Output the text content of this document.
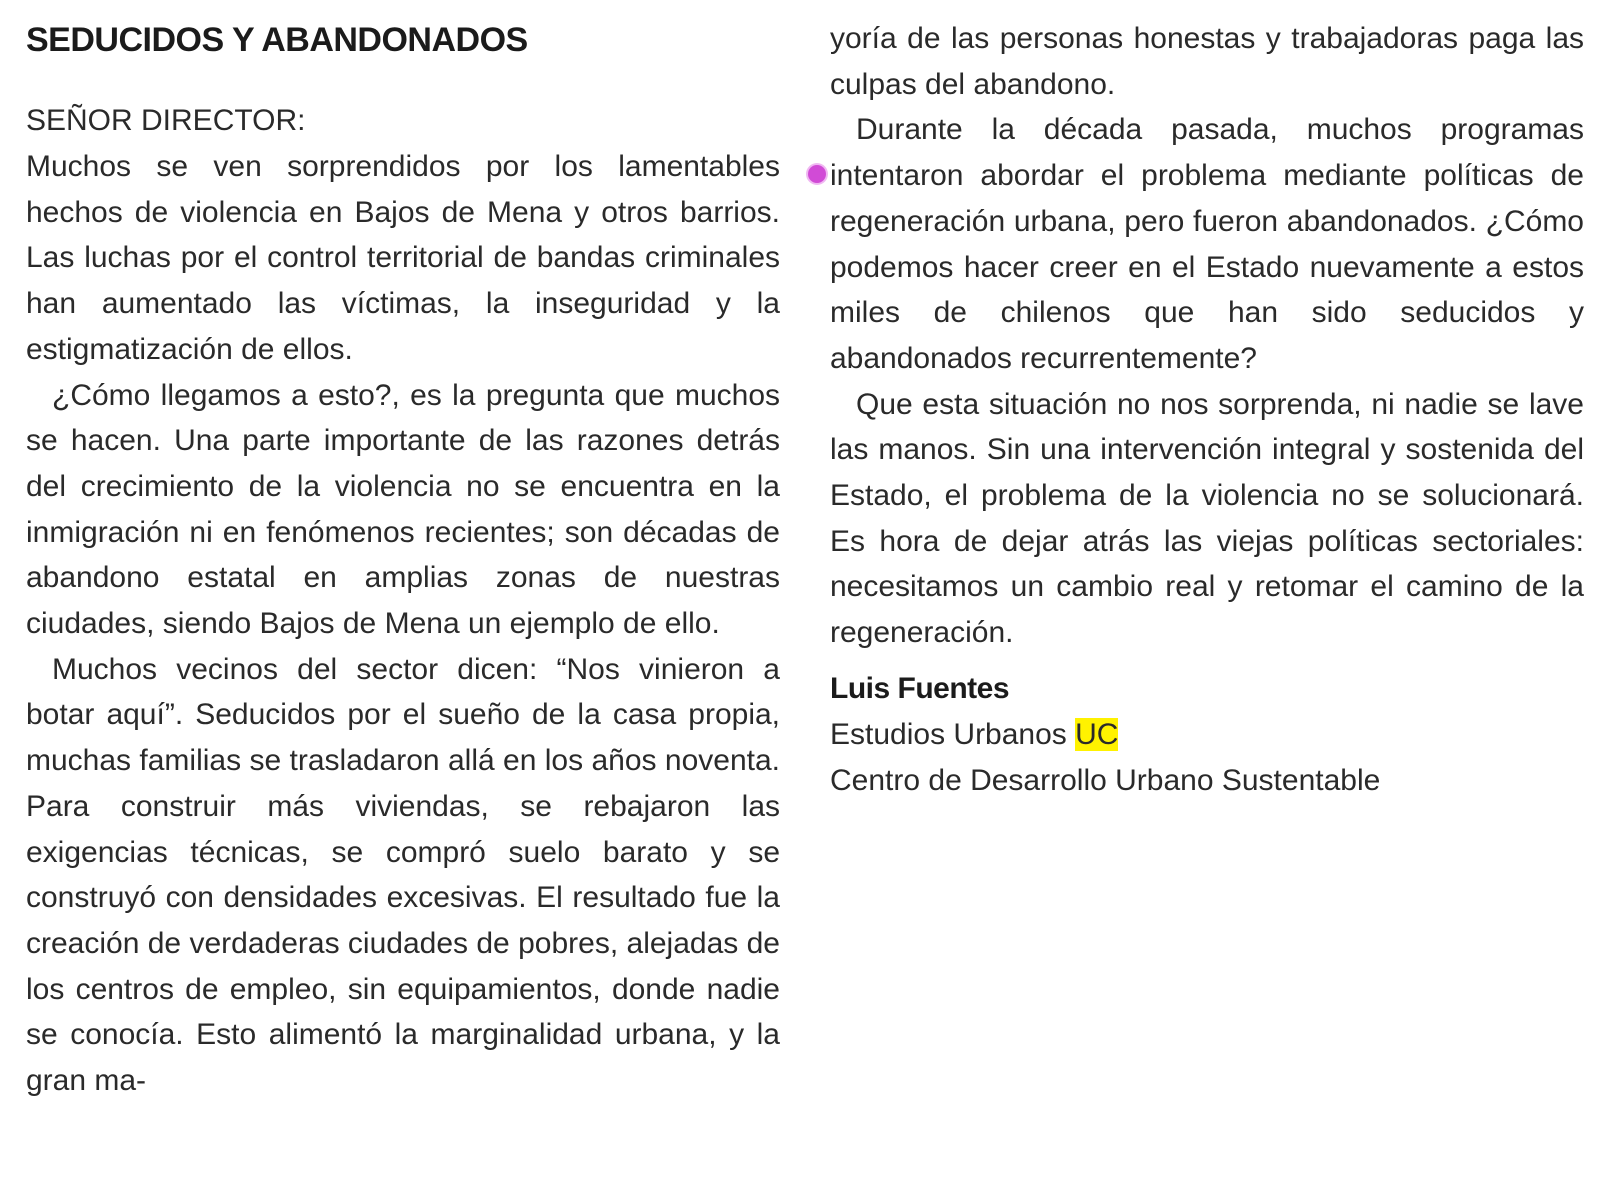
SEDUCIDOS Y ABANDONADOS
SEÑOR DIRECTOR:

Muchos se ven sorprendidos por los lamentables hechos de violencia en Bajos de Mena y otros barrios. Las luchas por el control territorial de bandas criminales han aumentado las víctimas, la inseguridad y la estigmatización de ellos.

¿Cómo llegamos a esto?, es la pregunta que muchos se hacen. Una parte importante de las razones detrás del crecimiento de la violencia no se encuentra en la inmigración ni en fenómenos recientes; son décadas de abandono estatal en amplias zonas de nuestras ciudades, siendo Bajos de Mena un ejemplo de ello.

Muchos vecinos del sector dicen: “Nos vinieron a botar aquí”. Seducidos por el sueño de la casa propia, muchas familias se trasladaron allá en los años noventa. Para construir más viviendas, se rebajaron las exigencias técnicas, se compró suelo barato y se construyó con densidades excesivas. El resultado fue la creación de verdaderas ciudades de pobres, alejadas de los centros de empleo, sin equipamientos, donde nadie se conocía. Esto alimentó la marginalidad urbana, y la gran ma-

yoría de las personas honestas y trabajadoras paga las culpas del abandono.

Durante la década pasada, muchos programas intentaron abordar el problema mediante políticas de regeneración urbana, pero fueron abandonados. ¿Cómo podemos hacer creer en el Estado nuevamente a estos miles de chilenos que han sido seducidos y abandonados recurrentemente?

Que esta situación no nos sorprenda, ni nadie se lave las manos. Sin una intervención integral y sostenida del Estado, el problema de la violencia no se solucionará. Es hora de dejar atrás las viejas políticas sectoriales: necesitamos un cambio real y retomar el camino de la regeneración.

Luis Fuentes
Estudios Urbanos UC
Centro de Desarrollo Urbano Sustentable
